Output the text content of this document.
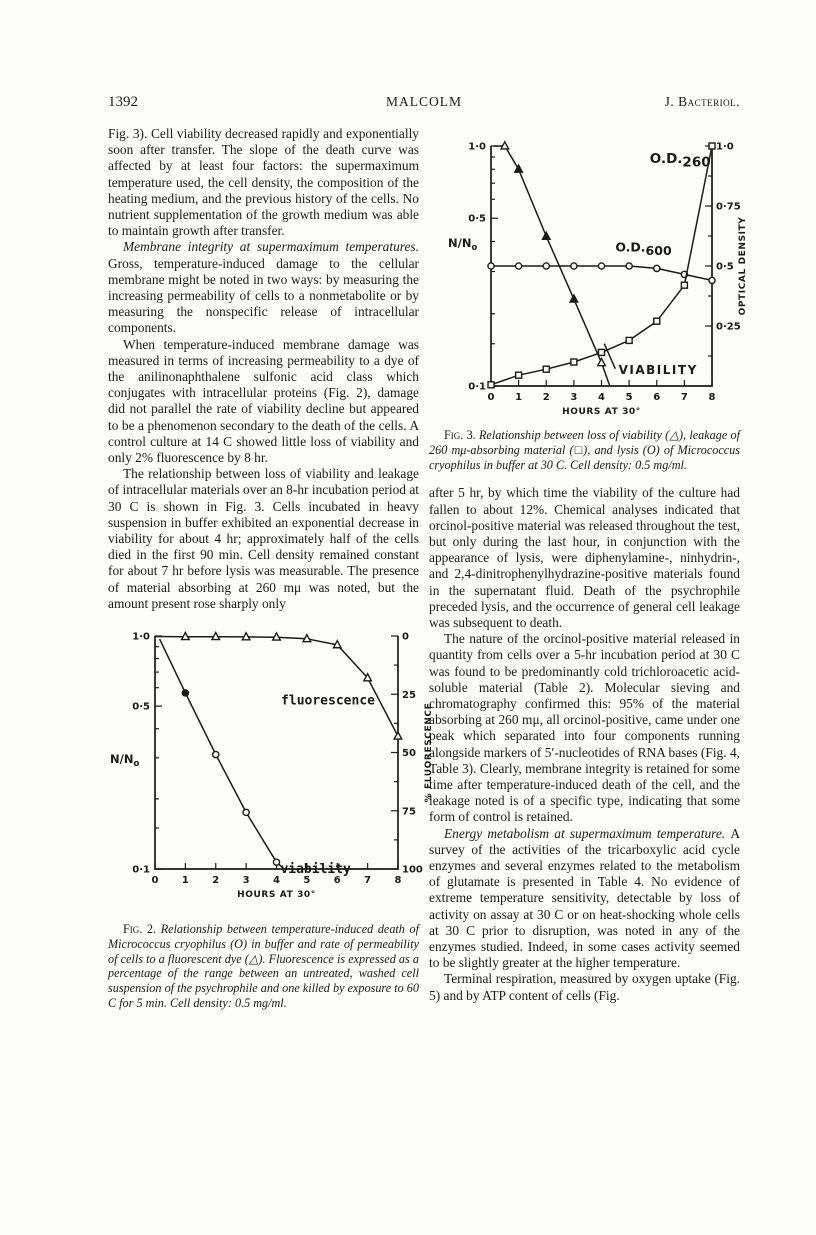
1392	MALCOLM	J. Bacteriol.

Fig. 3). Cell viability decreased rapidly and exponentially soon after transfer. The slope of the death curve was affected by at least four factors: the supermaximum temperature used, the cell density, the composition of the heating medium, and the previous history of the cells. No nutrient supplementation of the growth medium was able to maintain growth after transfer.

Membrane integrity at supermaximum temperatures. Gross, temperature-induced damage to the cellular membrane might be noted in two ways: by measuring the increasing permeability of cells to a nonmetabolite or by measuring the nonspecific release of intracellular components.

When temperature-induced membrane damage was measured in terms of increasing permeability to a dye of the anilinonaphthalene sulfonic acid class which conjugates with intracellular proteins (Fig. 2), damage did not parallel the rate of viability decline but appeared to be a phenomenon secondary to the death of the cells. A control culture at 14 C showed little loss of viability and only 2% fluorescence by 8 hr.

The relationship between loss of viability and leakage of intracellular materials over an 8-hr incubation period at 30 C is shown in Fig. 3. Cells incubated in heavy suspension in buffer exhibited an exponential decrease in viability for about 4 hr; approximately half of the cells died in the first 90 min. Cell density remained constant for about 7 hr before lysis was measurable. The presence of material absorbing at 260 mμ was noted, but the amount present rose sharply only

0 1 2 3 4 5 6 7 8
1·0
0·5
0·1
0
25
50
75
100
HOURS AT 30°
$N/N_o$	% FLUORESCENCE
fluorescence
viability

Fig. 2. Relationship between temperature-induced death of Micrococcus cryophilus (O) in buffer and rate of permeability of cells to a fluorescent dye (△). Fluorescence is expressed as a percentage of the range between an untreated, washed cell suspension of the psychrophile and one killed by exposure to 60 C for 5 min. Cell density: 0.5 mg/ml.

0 1 2 3 4 5 6 7 8
1·0
0·5
0·1
1·0
0·75
0·5
0·25
HOURS AT 30°
$N/N_o$	OPTICAL DENSITY
O.D.260
O.D.600
VIABILITY

Fig. 3. Relationship between loss of viability (△), leakage of 260 mμ-absorbing material (□), and lysis (O) of Micrococcus cryophilus in buffer at 30 C. Cell density: 0.5 mg/ml.

after 5 hr, by which time the viability of the culture had fallen to about 12%. Chemical analyses indicated that orcinol-positive material was released throughout the test, but only during the last hour, in conjunction with the appearance of lysis, were diphenylamine-, ninhydrin-, and 2,4-dinitrophenylhydrazine-positive materials found in the supernatant fluid. Death of the psychrophile preceded lysis, and the occurrence of general cell leakage was subsequent to death.

The nature of the orcinol-positive material released in quantity from cells over a 5-hr incubation period at 30 C was found to be predominantly cold trichloroacetic acid-soluble material (Table 2). Molecular sieving and chromatography confirmed this: 95% of the material absorbing at 260 mμ, all orcinol-positive, came under one peak which separated into four components running alongside markers of 5′-nucleotides of RNA bases (Fig. 4, Table 3). Clearly, membrane integrity is retained for some time after temperature-induced death of the cell, and the leakage noted is of a specific type, indicating that some form of control is retained.

Energy metabolism at supermaximum temperature. A survey of the activities of the tricarboxylic acid cycle enzymes and several enzymes related to the metabolism of glutamate is presented in Table 4. No evidence of extreme temperature sensitivity, detectable by loss of activity on assay at 30 C or on heat-shocking whole cells at 30 C prior to disruption, was noted in any of the enzymes studied. Indeed, in some cases activity seemed to be slightly greater at the higher temperature.

Terminal respiration, measured by oxygen uptake (Fig. 5) and by ATP content of cells (Fig.
